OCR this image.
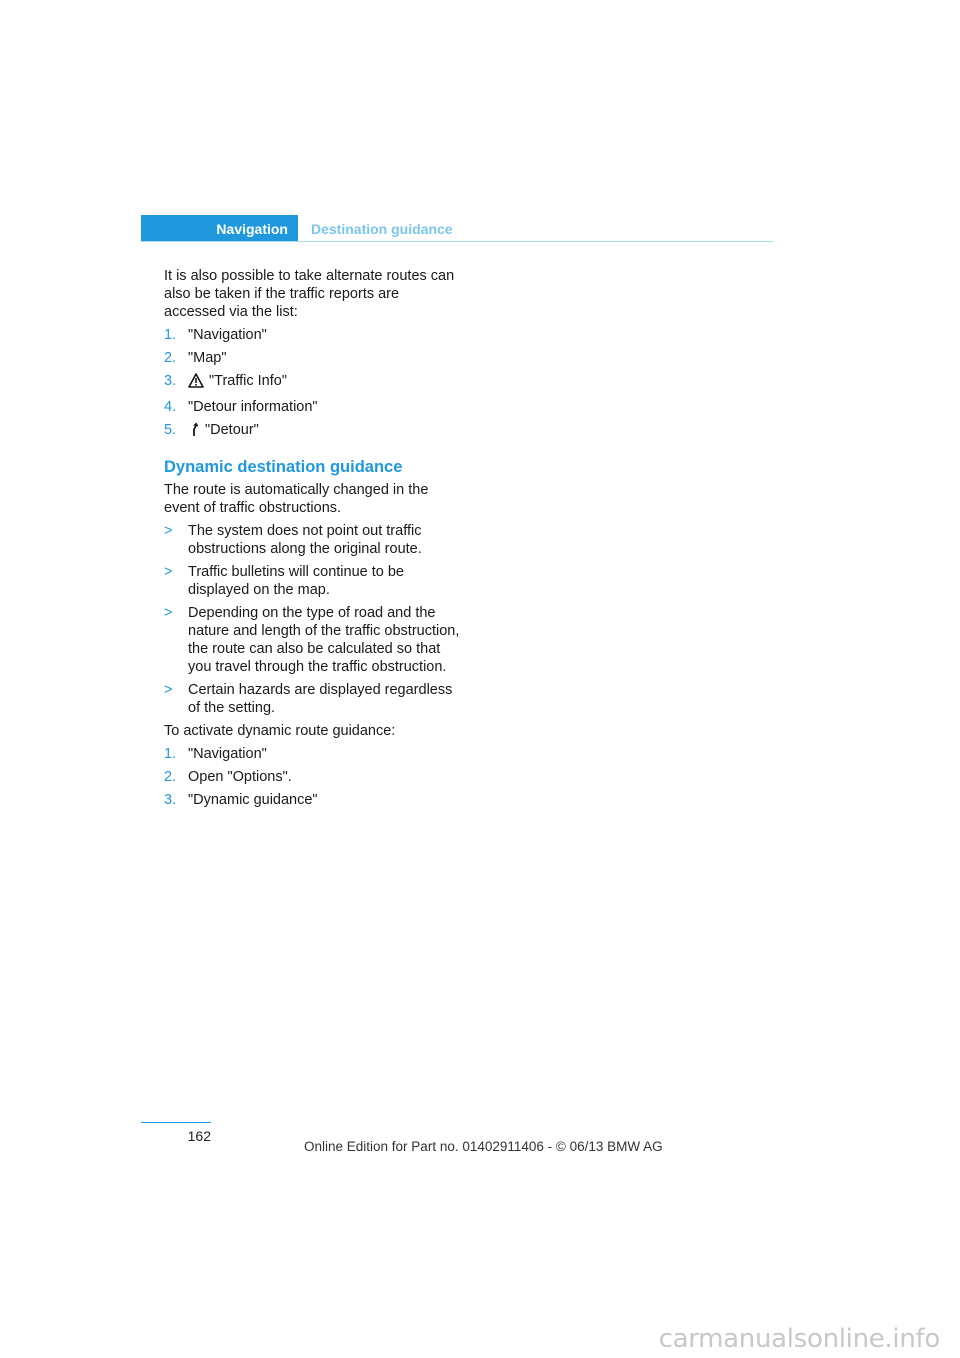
Navigation Destination guidance

It is also possible to take alternate routes can also be taken if the traffic reports are accessed via the list:

1. "Navigation"
2. "Map"
3. "Traffic Info"
4. "Detour information"
5. "Detour"
Dynamic destination guidance

The route is automatically changed in the event of traffic obstructions.

> The system does not point out traffic obstructions along the original route.
> Traffic bulletins will continue to be displayed on the map.
> Depending on the type of road and the nature and length of the traffic obstruction, the route can also be calculated so that you travel through the traffic obstruction.
> Certain hazards are displayed regardless of the setting.

To activate dynamic route guidance:

1. "Navigation"
2. Open "Options".
3. "Dynamic guidance"
162
Online Edition for Part no. 01402911406 - © 06/13 BMW AG
carmanualsonline.info
